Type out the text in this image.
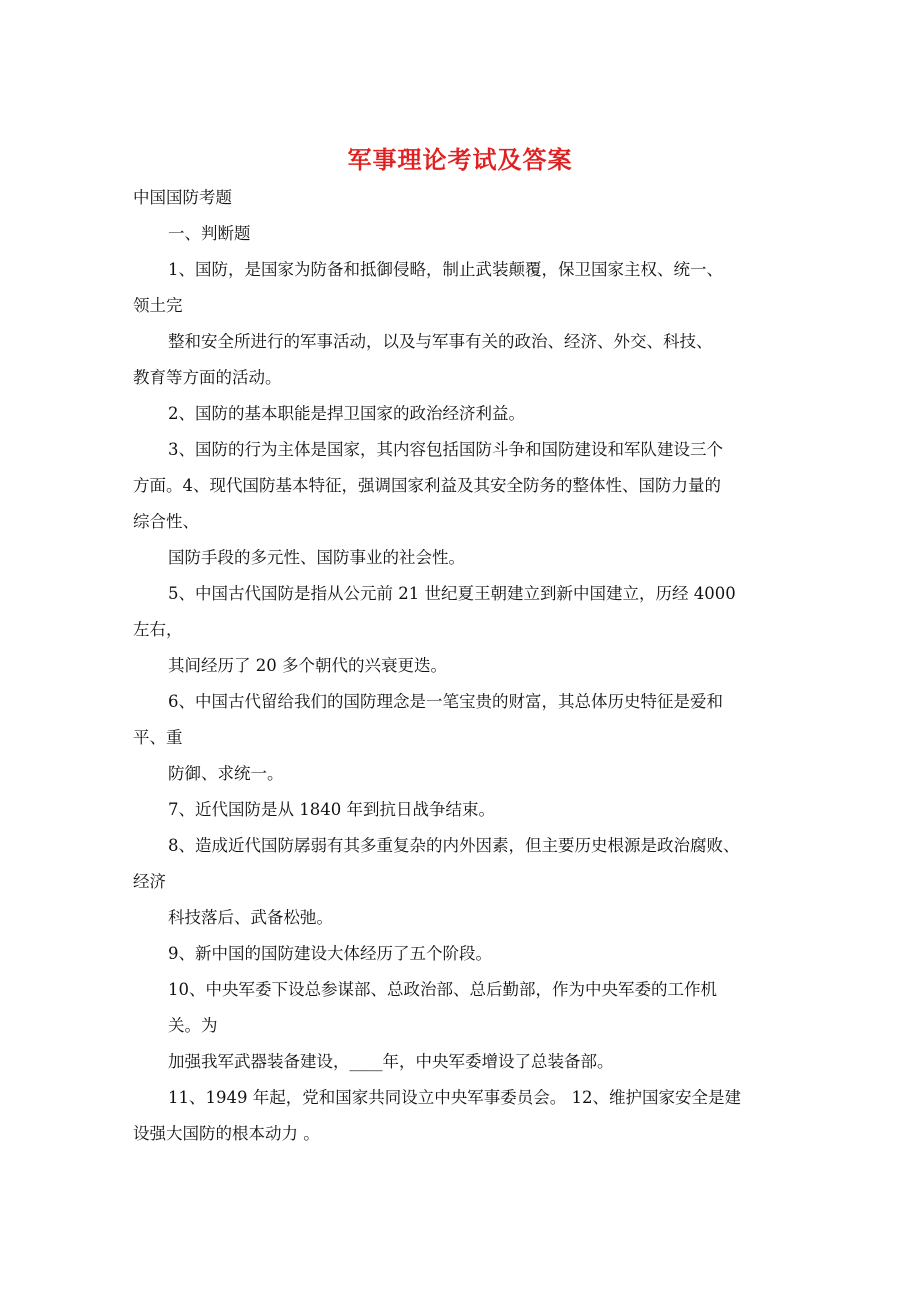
军事理论考试及答案
中国国防考题
一、判断题
1、国防，是国家为防备和抵御侵略，制止武装颠覆，保卫国家主权、统一、
领土完
整和安全所进行的军事活动，以及与军事有关的政治、经济、外交、科技、
教育等方面的活动。
2、国防的基本职能是捍卫国家的政治经济利益。
3、国防的行为主体是国家，其内容包括国防斗争和国防建设和军队建设三个
方面。4、现代国防基本特征，强调国家利益及其安全防务的整体性、国防力量的
综合性、
国防手段的多元性、国防事业的社会性。
5、中国古代国防是指从公元前 21 世纪夏王朝建立到新中国建立，历经 4000
左右，
其间经历了 20 多个朝代的兴衰更迭。
6、中国古代留给我们的国防理念是一笔宝贵的财富，其总体历史特征是爱和
平、重
防御、求统一。
7、近代国防是从 1840 年到抗日战争结束。
8、造成近代国防孱弱有其多重复杂的内外因素，但主要历史根源是政治腐败、
经济
科技落后、武备松弛。
9、新中国的国防建设大体经历了五个阶段。
10、中央军委下设总参谋部、总政治部、总后勤部，作为中央军委的工作机
关。为
加强我军武器装备建设，____年，中央军委增设了总装备部。
11、1949 年起，党和国家共同设立中央军事委员会。 12、维护国家安全是建
设强大国防的根本动力 。
